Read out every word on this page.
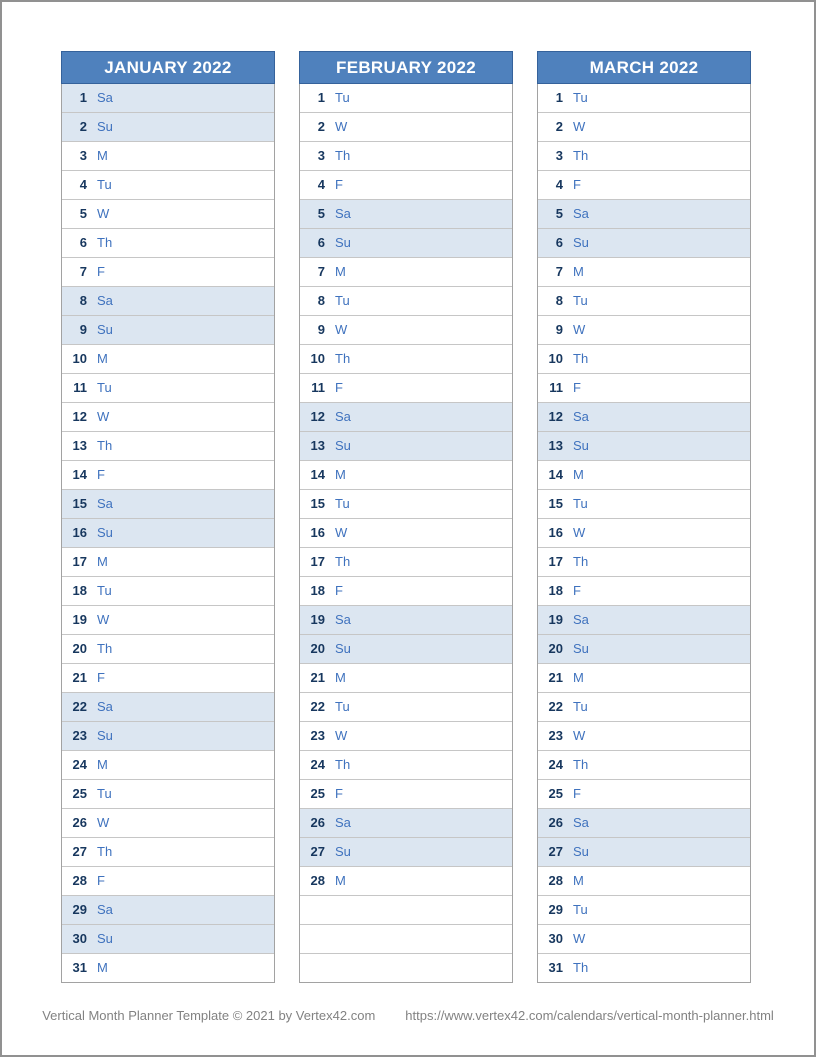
JANUARY 2022
1 Sa
2 Su
3 M
4 Tu
5 W
6 Th
7 F
8 Sa
9 Su
10 M
11 Tu
12 W
13 Th
14 F
15 Sa
16 Su
17 M
18 Tu
19 W
20 Th
21 F
22 Sa
23 Su
24 M
25 Tu
26 W
27 Th
28 F
29 Sa
30 Su
31 M
FEBRUARY 2022
1 Tu
2 W
3 Th
4 F
5 Sa
6 Su
7 M
8 Tu
9 W
10 Th
11 F
12 Sa
13 Su
14 M
15 Tu
16 W
17 Th
18 F
19 Sa
20 Su
21 M
22 Tu
23 W
24 Th
25 F
26 Sa
27 Su
28 M
MARCH 2022
1 Tu
2 W
3 Th
4 F
5 Sa
6 Su
7 M
8 Tu
9 W
10 Th
11 F
12 Sa
13 Su
14 M
15 Tu
16 W
17 Th
18 F
19 Sa
20 Su
21 M
22 Tu
23 W
24 Th
25 F
26 Sa
27 Su
28 M
29 Tu
30 W
31 Th
Vertical Month Planner Template © 2021 by Vertex42.com https://www.vertex42.com/calendars/vertical-month-planner.html
